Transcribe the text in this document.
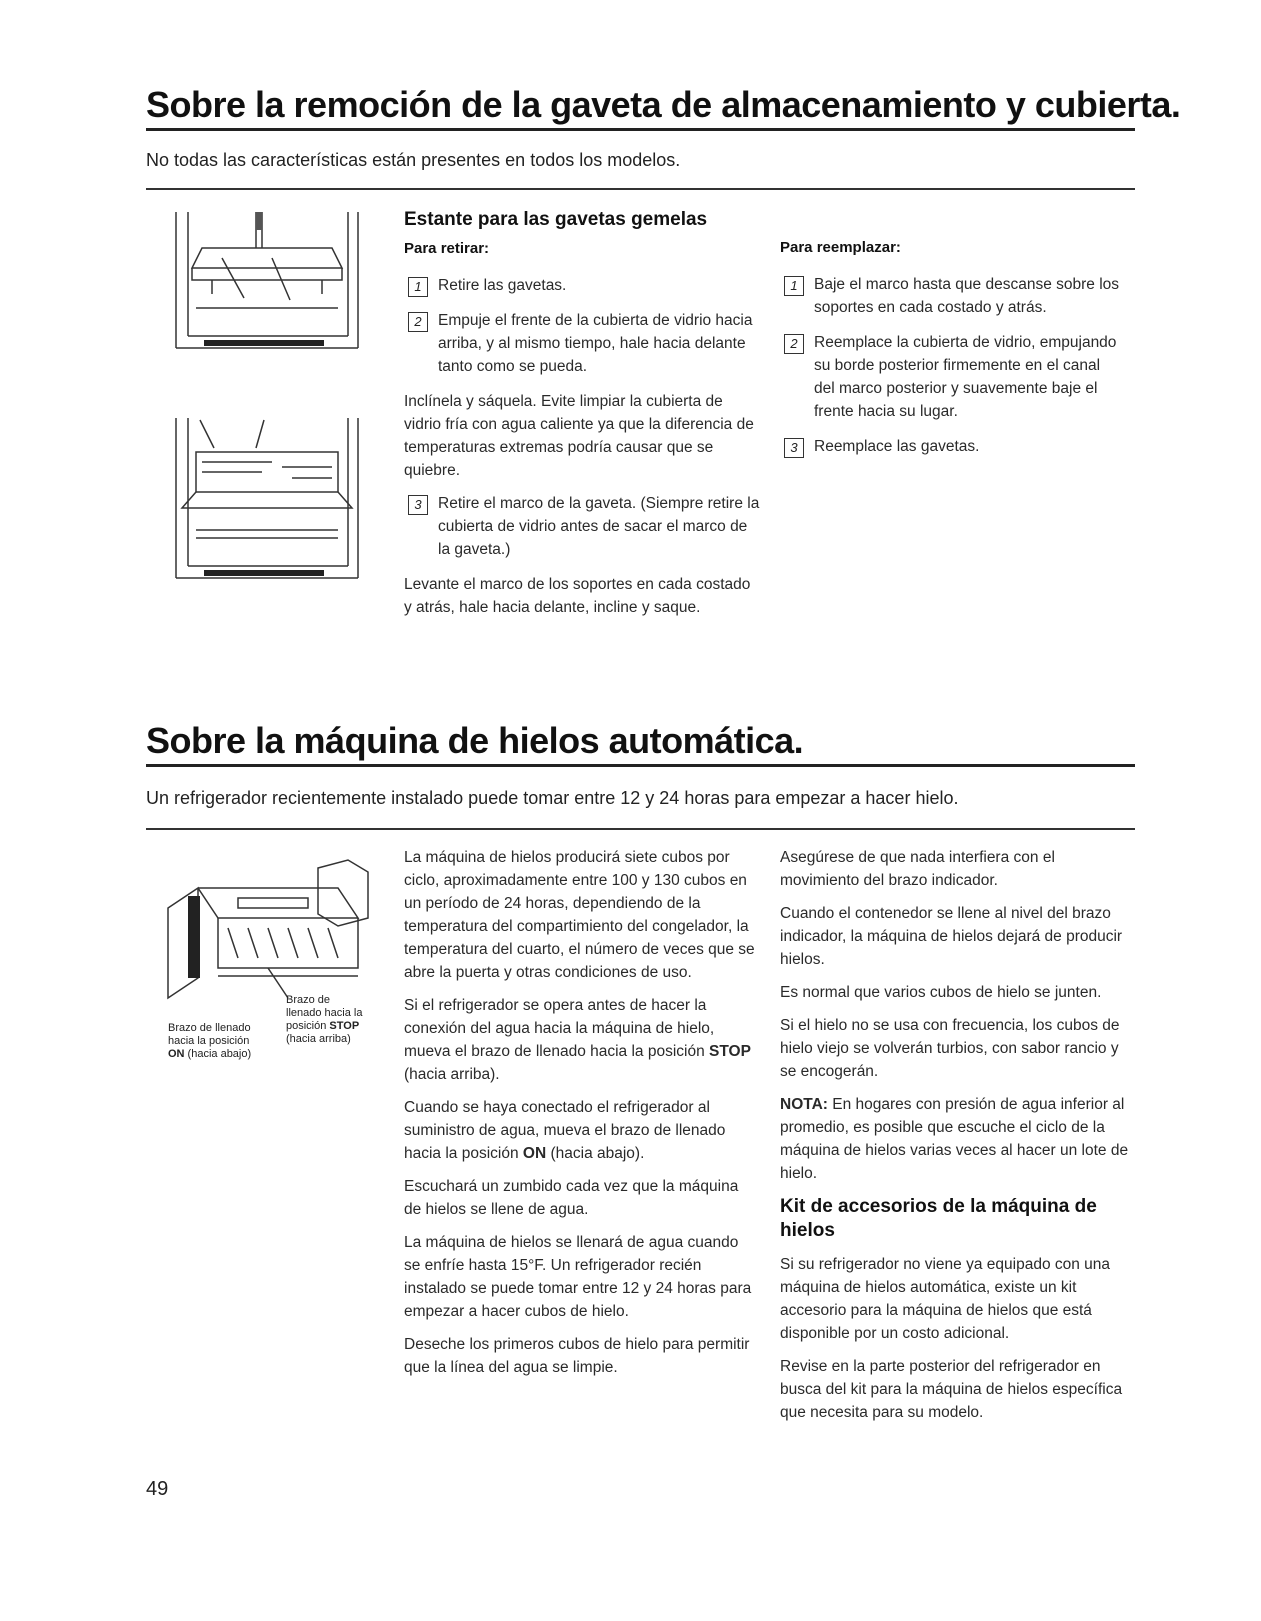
Sobre la remoción de la gaveta de almacenamiento y cubierta.
No todas las características están presentes en todos los modelos.
Estante para las gavetas gemelas
Para retirar:
1	Retire las gavetas.
2	Empuje el frente de la cubierta de vidrio hacia arriba, y al mismo tiempo, hale hacia delante tanto como se pueda.

Inclínela y sáquela. Evite limpiar la cubierta de vidrio fría con agua caliente ya que la diferencia de temperaturas extremas podría causar que se quiebre.

3	Retire el marco de la gaveta. (Siempre retire la cubierta de vidrio antes de sacar el marco de la gaveta.)

Levante el marco de los soportes en cada costado y atrás, hale hacia delante, incline y saque.

Para reemplazar:
1	Baje el marco hasta que descanse sobre los soportes en cada costado y atrás.
2	Reemplace la cubierta de vidrio, empujando su borde posterior firmemente en el canal del marco posterior y suavemente baje el frente hacia su lugar.
3	Reemplace las gavetas.
Sobre la máquina de hielos automática.
Un refrigerador recientemente instalado puede tomar entre 12 y 24 horas para empezar a hacer hielo.
Brazo de llenado
hacia la posición
ON (hacia abajo)
Brazo de
llenado hacia la
posición STOP
(hacia arriba)

La máquina de hielos producirá siete cubos por ciclo, aproximadamente entre 100 y 130 cubos en un período de 24 horas, dependiendo de la temperatura del compartimiento del congelador, la temperatura del cuarto, el número de veces que se abre la puerta y otras condiciones de uso.

Si el refrigerador se opera antes de hacer la conexión del agua hacia la máquina de hielo, mueva el brazo de llenado hacia la posición STOP (hacia arriba).

Cuando se haya conectado el refrigerador al suministro de agua, mueva el brazo de llenado hacia la posición ON (hacia abajo).

Escuchará un zumbido cada vez que la máquina de hielos se llene de agua.

La máquina de hielos se llenará de agua cuando se enfríe hasta 15°F. Un refrigerador recién instalado se puede tomar entre 12 y 24 horas para empezar a hacer cubos de hielo.

Deseche los primeros cubos de hielo para permitir que la línea del agua se limpie.

Asegúrese de que nada interfiera con el movimiento del brazo indicador.

Cuando el contenedor se llene al nivel del brazo indicador, la máquina de hielos dejará de producir hielos.

Es normal que varios cubos de hielo se junten.

Si el hielo no se usa con frecuencia, los cubos de hielo viejo se volverán turbios, con sabor rancio y se encogerán.

NOTA: En hogares con presión de agua inferior al promedio, es posible que escuche el ciclo de la máquina de hielos varias veces al hacer un lote de hielo.

Kit de accesorios de la máquina de hielos

Si su refrigerador no viene ya equipado con una máquina de hielos automática, existe un kit accesorio para la máquina de hielos que está disponible por un costo adicional.

Revise en la parte posterior del refrigerador en busca del kit para la máquina de hielos específica que necesita para su modelo.

49
